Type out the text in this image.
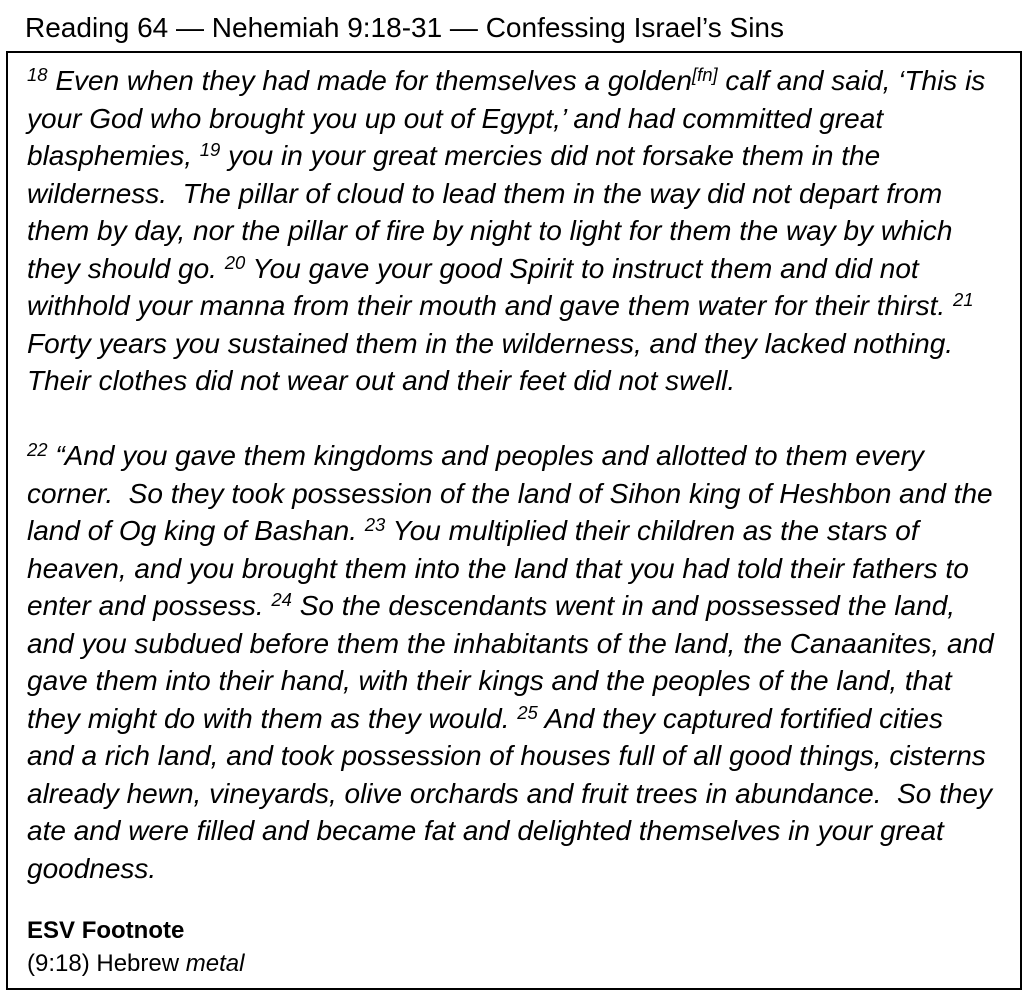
Reading 64 — Nehemiah 9:18-31 — Confessing Israel’s Sins

$^{18}$ Even when they had made for themselves a golden[fn] calf and said, ‘This is your God who brought you up out of Egypt,’ and had committed great blasphemies, $^{19}$ you in your great mercies did not forsake them in the wilderness.  The pillar of cloud to lead them in the way did not depart from them by day, nor the pillar of fire by night to light for them the way by which they should go. $^{20}$ You gave your good Spirit to instruct them and did not withhold your manna from their mouth and gave them water for their thirst. $^{21}$ Forty years you sustained them in the wilderness, and they lacked nothing.  Their clothes did not wear out and their feet did not swell.

$^{22}$ “And you gave them kingdoms and peoples and allotted to them every corner.  So they took possession of the land of Sihon king of Heshbon and the land of Og king of Bashan. $^{23}$ You multiplied their children as the stars of heaven, and you brought them into the land that you had told their fathers to enter and possess. $^{24}$ So the descendants went in and possessed the land, and you subdued before them the inhabitants of the land, the Canaanites, and gave them into their hand, with their kings and the peoples of the land, that they might do with them as they would. $^{25}$ And they captured fortified cities and a rich land, and took possession of houses full of all good things, cisterns already hewn, vineyards, olive orchards and fruit trees in abundance.  So they ate and were filled and became fat and delighted themselves in your great goodness.

ESV Footnote
(9:18) Hebrew metal
